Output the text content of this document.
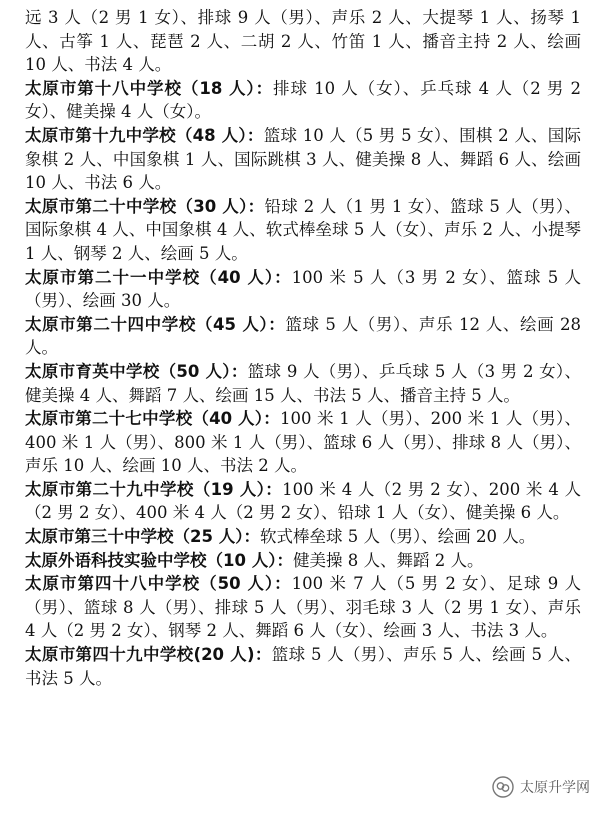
远 3 人（2 男 1 女）、排球 9 人（男）、声乐 2 人、大提琴 1 人、扬琴 1 人、古筝 1 人、琵琶 2 人、二胡 2 人、竹笛 1 人、播音主持 2 人、绘画 10 人、书法 4 人。

太原市第十八中学校（18 人）：排球 10 人（女）、乒乓球 4 人（2 男 2 女）、健美操 4 人（女）。

太原市第十九中学校（48 人）：篮球 10 人（5 男 5 女）、围棋 2 人、国际象棋 2 人、中国象棋 1 人、国际跳棋 3 人、健美操 8 人、舞蹈 6 人、绘画 10 人、书法 6 人。

太原市第二十中学校（30 人）：铅球 2 人（1 男 1 女）、篮球 5 人（男）、国际象棋 4 人、中国象棋 4 人、软式棒垒球 5 人（女）、声乐 2 人、小提琴 1 人、钢琴 2 人、绘画 5 人。

太原市第二十一中学校（40 人）：100 米 5 人（3 男 2 女）、篮球 5 人（男）、绘画 30 人。

太原市第二十四中学校（45 人）：篮球 5 人（男）、声乐 12 人、绘画 28 人。

太原市育英中学校（50 人）：篮球 9 人（男）、乒乓球 5 人（3 男 2 女）、健美操 4 人、舞蹈 7 人、绘画 15 人、书法 5 人、播音主持 5 人。

太原市第二十七中学校（40 人）：100 米 1 人（男）、200 米 1 人（男）、400 米 1 人（男）、800 米 1 人（男）、篮球 6 人（男）、排球 8 人（男）、声乐 10 人、绘画 10 人、书法 2 人。

太原市第二十九中学校（19 人）：100 米 4 人（2 男 2 女）、200 米 4 人（2 男 2 女）、400 米 4 人（2 男 2 女）、铅球 1 人（女）、健美操 6 人。

太原市第三十中学校（25 人）：软式棒垒球 5 人（男）、绘画 20 人。

太原外语科技实验中学校（10 人）：健美操 8 人、舞蹈 2 人。

太原市第四十八中学校（50 人）：100 米 7 人（5 男 2 女）、足球 9 人（男）、篮球 8 人（男）、排球 5 人（男）、羽毛球 3 人（2 男 1 女）、声乐 4 人（2 男 2 女）、钢琴 2 人、舞蹈 6 人（女）、绘画 3 人、书法 3 人。

太原市第四十九中学校(20 人)：篮球 5 人（男）、声乐 5 人、绘画 5 人、书法 5 人。

太原升学网
